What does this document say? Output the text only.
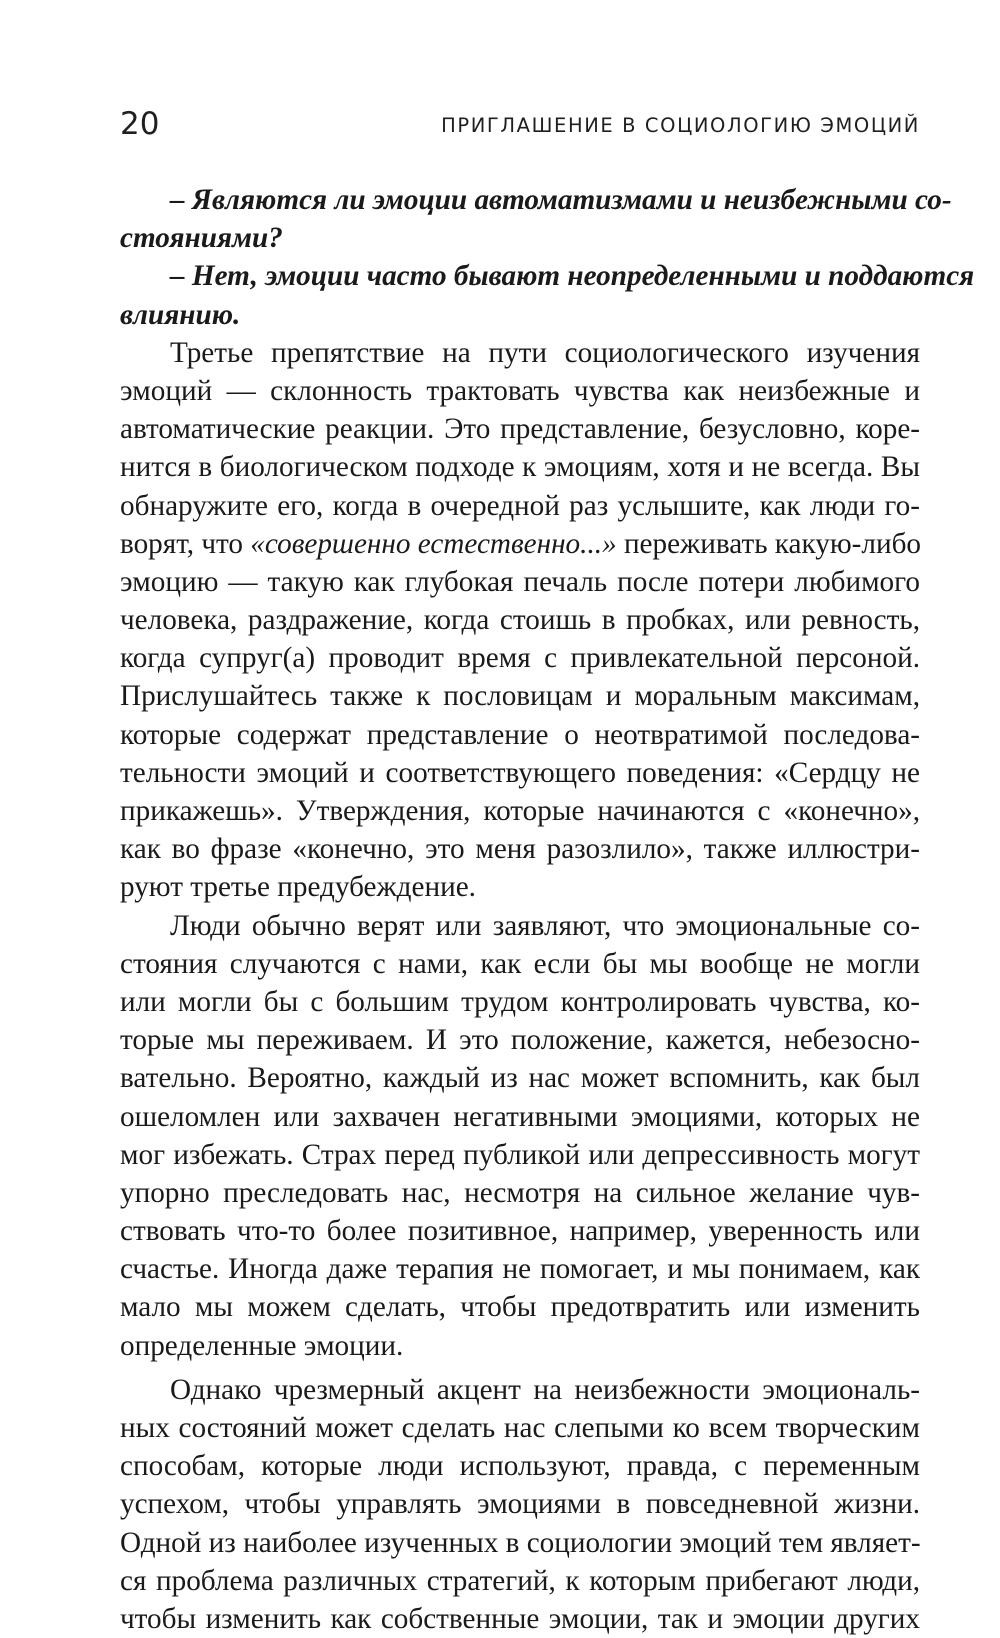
20	ПРИГЛАШЕНИЕ В СОЦИОЛОГИЮ ЭМОЦИЙ
– Являются ли эмоции автоматизмами и неизбежными со-
стояниями?
– Нет, эмоции часто бывают неопределенными и поддаются
влиянию.
Третье препятствие на пути социологического изучения
эмоций — склонность трактовать чувства как неизбежные и
автоматические реакции. Это представление, безусловно, коре-
нится в биологическом подходе к эмоциям, хотя и не всегда. Вы
обнаружите его, когда в очередной раз услышите, как люди го-
ворят, что «совершенно естественно...» переживать какую-либо
эмоцию — такую как глубокая печаль после потери любимого
человека, раздражение, когда стоишь в пробках, или ревность,
когда супруг(а) проводит время с привлекательной персоной.
Прислушайтесь также к пословицам и моральным максимам,
которые содержат представление о неотвратимой последова-
тельности эмоций и соответствующего поведения: «Сердцу не
прикажешь». Утверждения, которые начинаются с «конечно»,
как во фразе «конечно, это меня разозлило», также иллюстри-
руют третье предубеждение.
Люди обычно верят или заявляют, что эмоциональные со-
стояния случаются с нами, как если бы мы вообще не могли
или могли бы с большим трудом контролировать чувства, ко-
торые мы переживаем. И это положение, кажется, небезосно-
вательно. Вероятно, каждый из нас может вспомнить, как был
ошеломлен или захвачен негативными эмоциями, которых не
мог избежать. Страх перед публикой или депрессивность могут
упорно преследовать нас, несмотря на сильное желание чув-
ствовать что-то более позитивное, например, уверенность или
счастье. Иногда даже терапия не помогает, и мы понимаем, как
мало мы можем сделать, чтобы предотвратить или изменить
определенные эмоции.
Однако чрезмерный акцент на неизбежности эмоциональ-
ных состояний может сделать нас слепыми ко всем творческим
способам, которые люди используют, правда, с переменным
успехом, чтобы управлять эмоциями в повседневной жизни.
Одной из наиболее изученных в социологии эмоций тем являет-
ся проблема различных стратегий, к которым прибегают люди,
чтобы изменить как собственные эмоции, так и эмоции других
